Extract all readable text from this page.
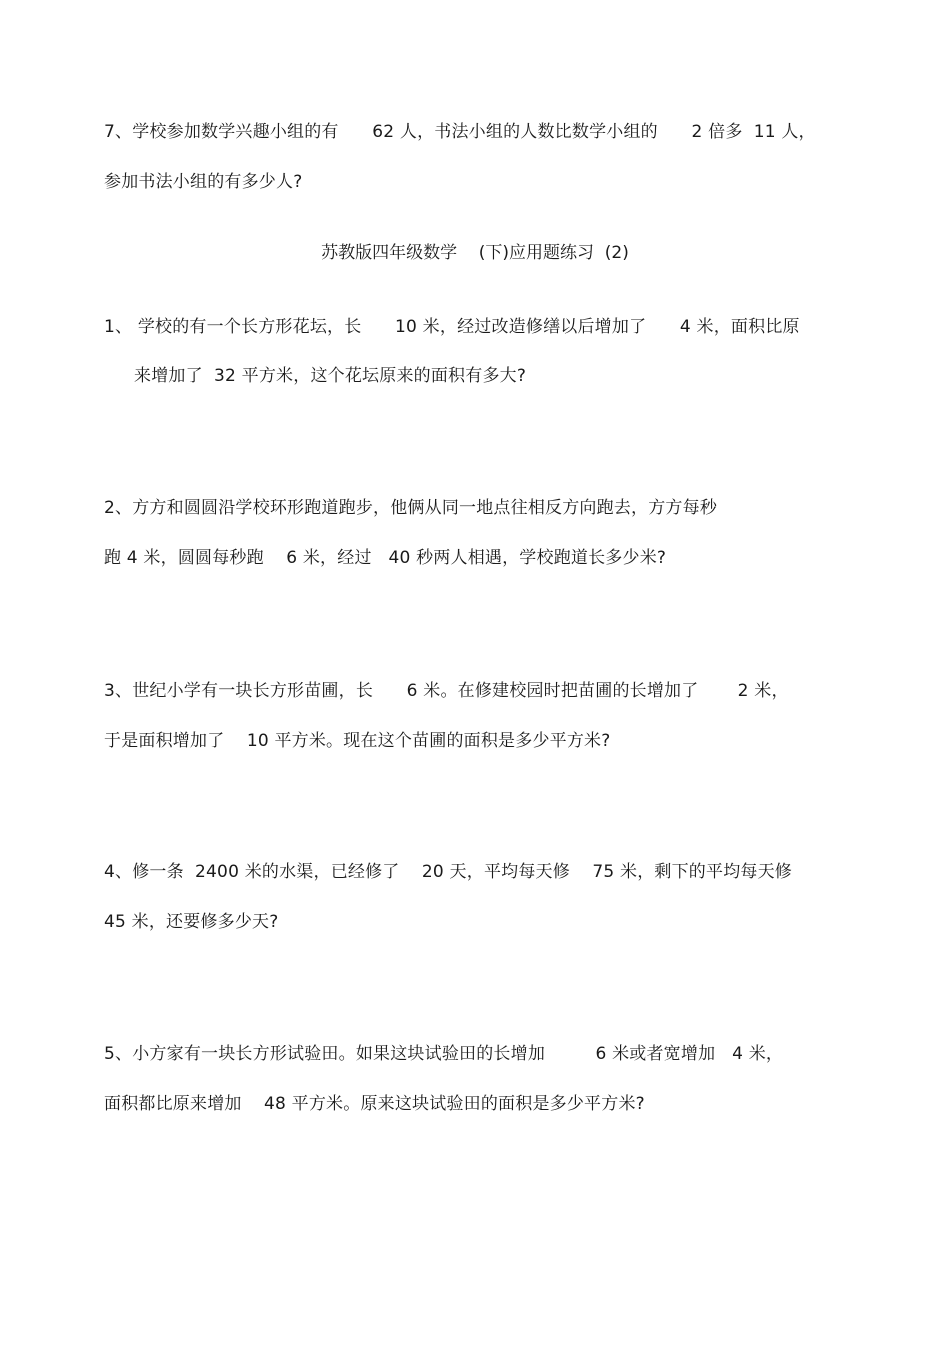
7、学校参加数学兴趣小组的有      62 人，书法小组的人数比数学小组的      2 倍多  11 人，
参加书法小组的有多少人?
苏教版四年级数学    (下)应用题练习  (2)
1、 学校的有一个长方形花坛，长      10 米，经过改造修缮以后增加了      4 米，面积比原
来增加了  32 平方米，这个花坛原来的面积有多大?
2、方方和圆圆沿学校环形跑道跑步，他俩从同一地点往相反方向跑去，方方每秒
跑 4 米，圆圆每秒跑    6 米，经过   40 秒两人相遇，学校跑道长多少米?
3、世纪小学有一块长方形苗圃，长      6 米。在修建校园时把苗圃的长增加了       2 米，
于是面积增加了    10 平方米。现在这个苗圃的面积是多少平方米?
4、修一条  2400 米的水渠，已经修了    20 天，平均每天修    75 米，剩下的平均每天修
45 米，还要修多少天?
5、小方家有一块长方形试验田。如果这块试验田的长增加         6 米或者宽增加   4 米，
面积都比原来增加    48 平方米。原来这块试验田的面积是多少平方米?
